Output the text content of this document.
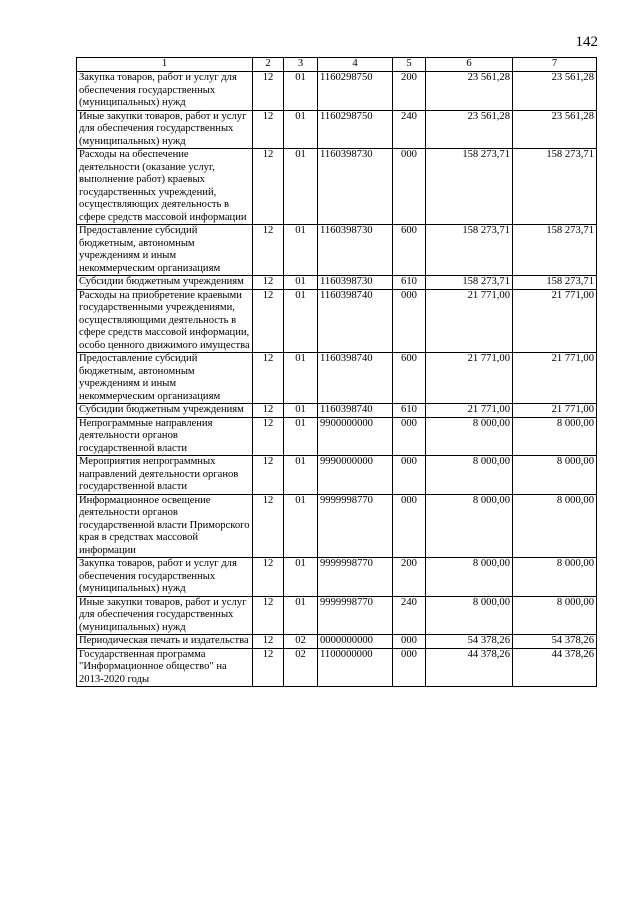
142
1	2	3	4	5	6	7
Закупка товаров, работ и услуг для обеспечения государственных (муниципальных) нужд	12	01	1160298750	200	23 561,28	23 561,28
Иные закупки товаров, работ и услуг для обеспечения государственных (муниципальных) нужд	12	01	1160298750	240	23 561,28	23 561,28
Расходы на обеспечение деятельности (оказание услуг, выполнение работ) краевых государственных учреждений, осуществляющих деятельность в сфере средств массовой информации	12	01	1160398730	000	158 273,71	158 273,71
Предоставление субсидий бюджетным, автономным учреждениям и иным некоммерческим организациям	12	01	1160398730	600	158 273,71	158 273,71
Субсидии бюджетным учреждениям	12	01	1160398730	610	158 273,71	158 273,71
Расходы на приобретение краевыми государственными учреждениями, осуществляющими деятельность в сфере средств массовой информации, особо ценного движимого имущества	12	01	1160398740	000	21 771,00	21 771,00
Предоставление субсидий бюджетным, автономным учреждениям и иным некоммерческим организациям	12	01	1160398740	600	21 771,00	21 771,00
Субсидии бюджетным учреждениям	12	01	1160398740	610	21 771,00	21 771,00
Непрограммные направления деятельности органов государственной власти	12	01	9900000000	000	8 000,00	8 000,00
Мероприятия непрограммных направлений деятельности органов государственной власти	12	01	9990000000	000	8 000,00	8 000,00
Информационное освещение деятельности органов государственной власти Приморского края в средствах массовой информации	12	01	9999998770	000	8 000,00	8 000,00
Закупка товаров, работ и услуг для обеспечения государственных (муниципальных) нужд	12	01	9999998770	200	8 000,00	8 000,00
Иные закупки товаров, работ и услуг для обеспечения государственных (муниципальных) нужд	12	01	9999998770	240	8 000,00	8 000,00
Периодическая печать и издательства	12	02	0000000000	000	54 378,26	54 378,26
Государственная программа "Информационное общество" на 2013-2020 годы	12	02	1100000000	000	44 378,26	44 378,26
